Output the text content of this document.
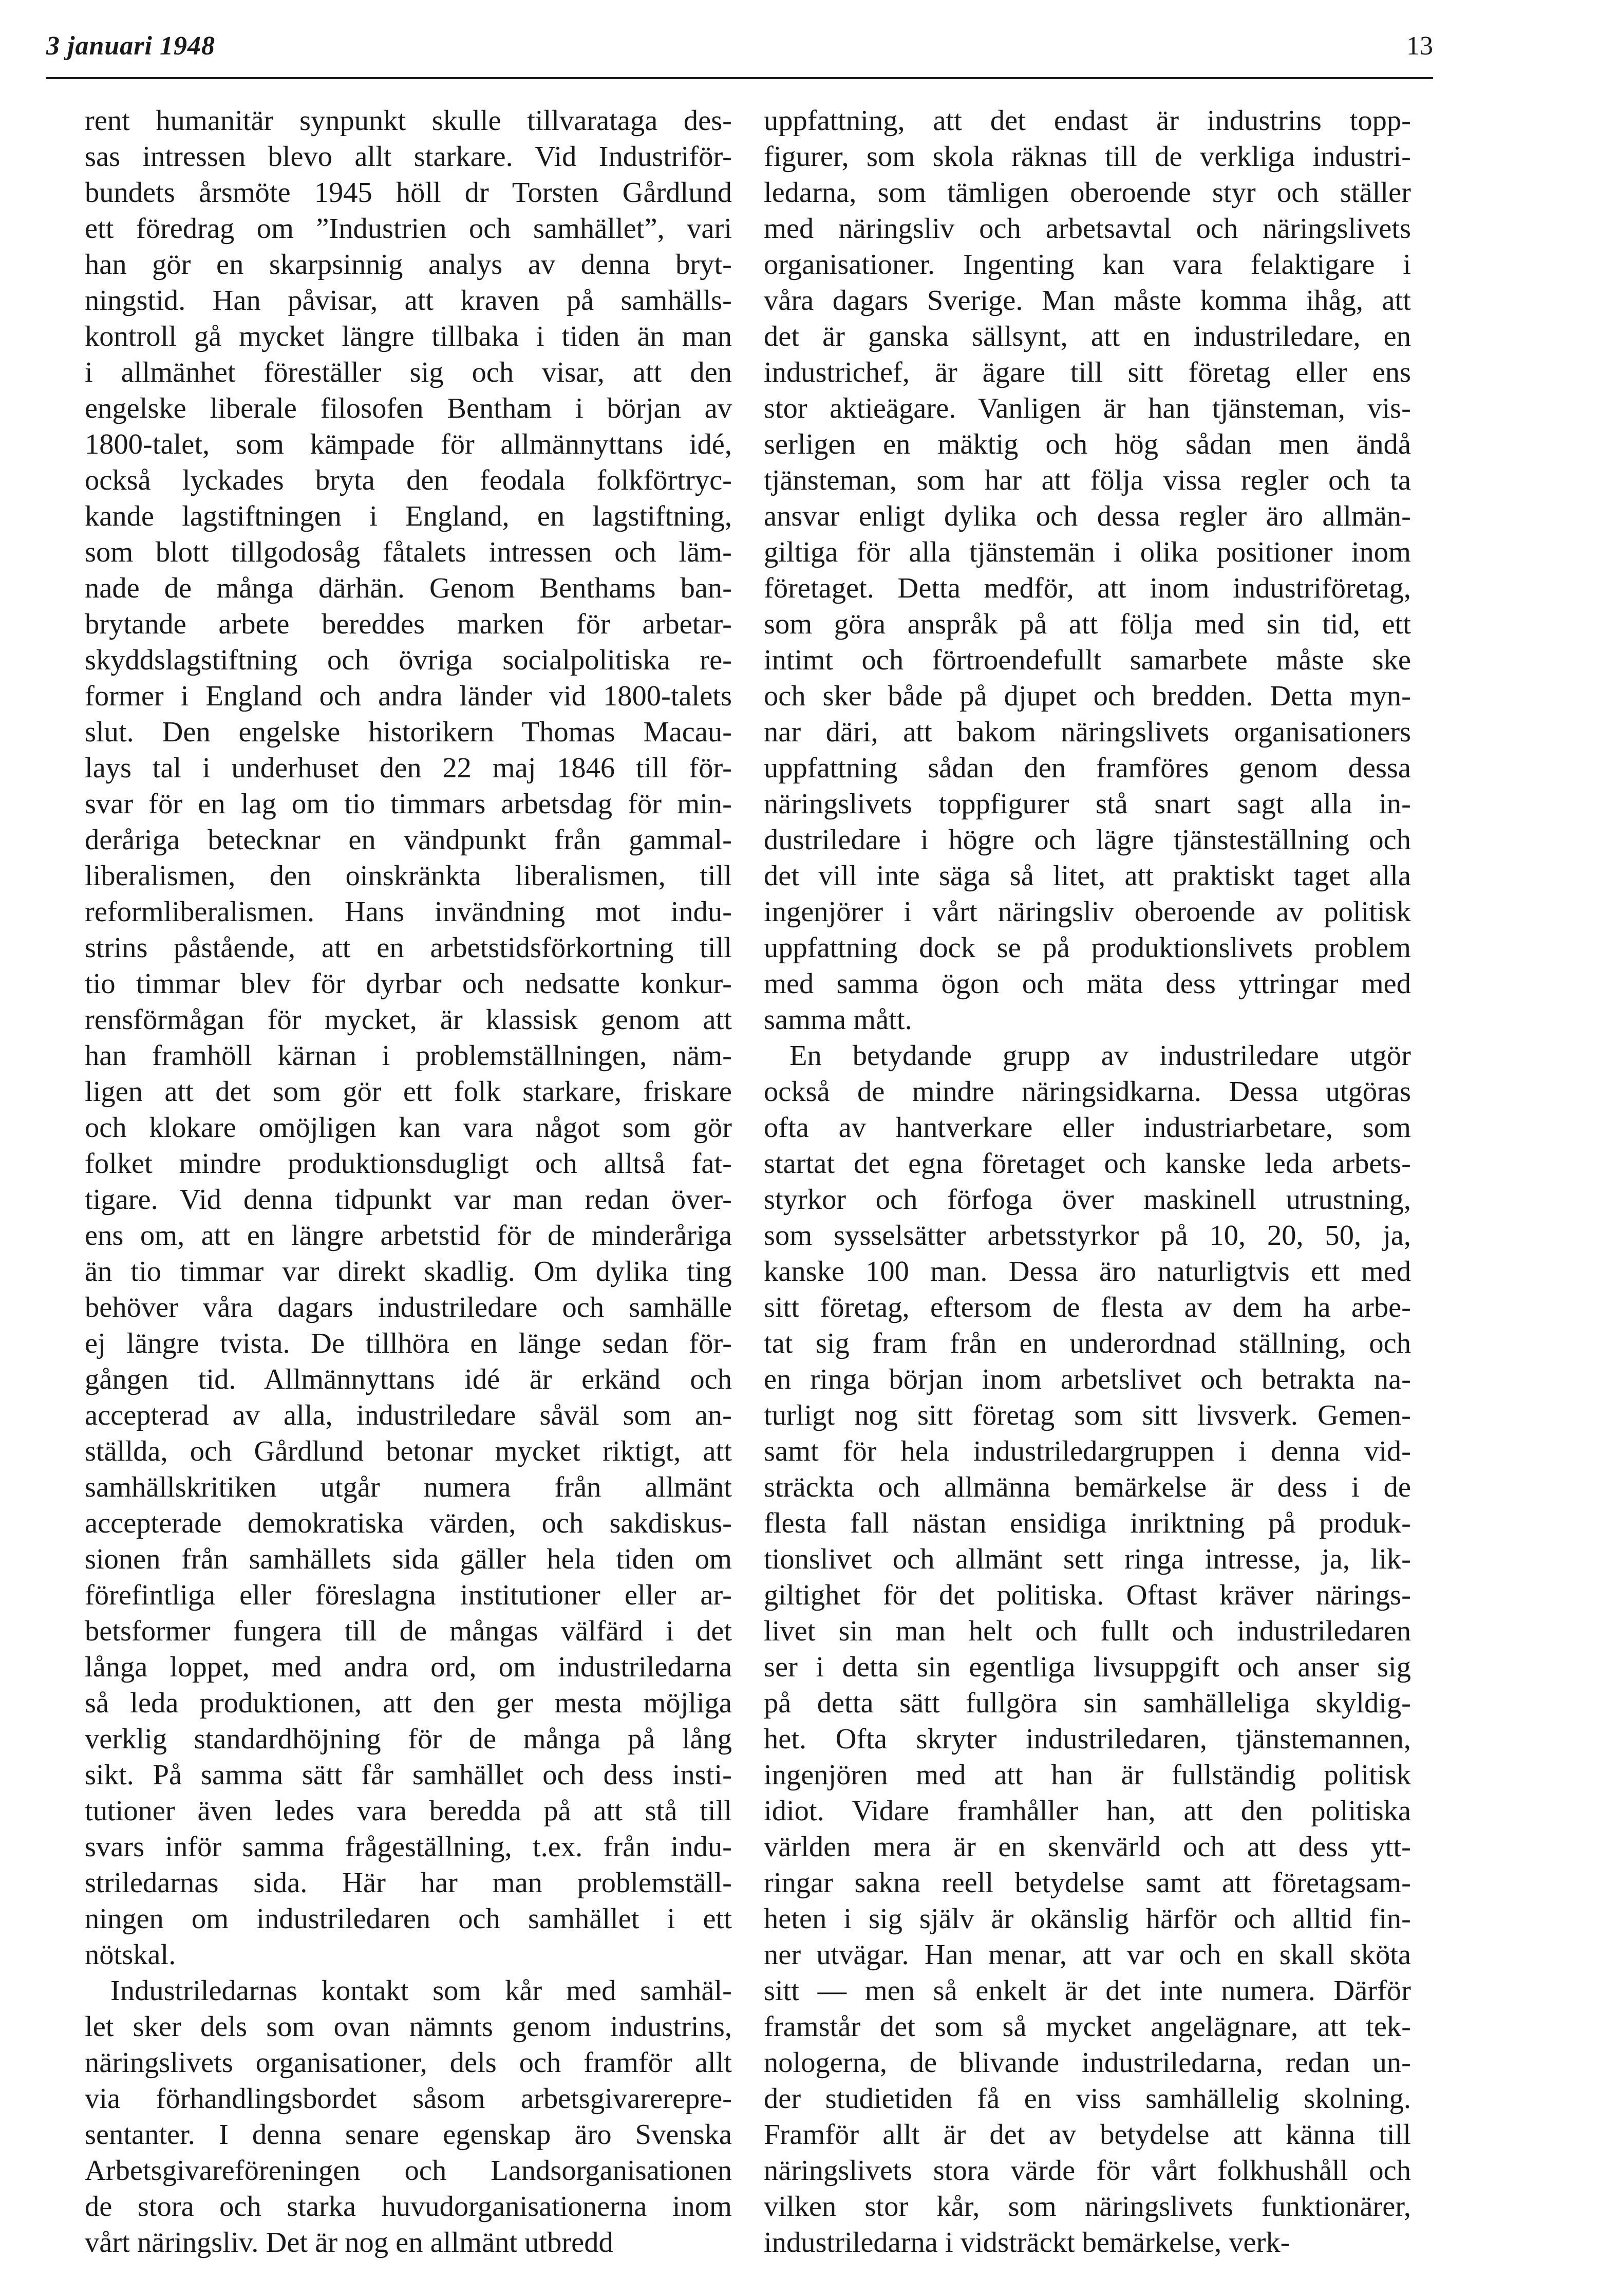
3 januari 1948	13
rent humanitär synpunkt skulle tillvarataga des-
sas intressen blevo allt starkare. Vid Industriför-
bundets årsmöte 1945 höll dr Torsten Gårdlund
ett föredrag om ”Industrien och samhället”, vari
han gör en skarpsinnig analys av denna bryt-
ningstid. Han påvisar, att kraven på samhälls-
kontroll gå mycket längre tillbaka i tiden än man
i allmänhet föreställer sig och visar, att den
engelske liberale filosofen Bentham i början av
1800-talet, som kämpade för allmännyttans idé,
också lyckades bryta den feodala folkförtryc-
kande lagstiftningen i England, en lagstiftning,
som blott tillgodosåg fåtalets intressen och läm-
nade de många därhän. Genom Benthams ban-
brytande arbete bereddes marken för arbetar-
skyddslagstiftning och övriga socialpolitiska re-
former i England och andra länder vid 1800-talets
slut. Den engelske historikern Thomas Macau-
lays tal i underhuset den 22 maj 1846 till för-
svar för en lag om tio timmars arbetsdag för min-
deråriga betecknar en vändpunkt från gammal-
liberalismen, den oinskränkta liberalismen, till
reformliberalismen. Hans invändning mot indu-
strins påstående, att en arbetstidsförkortning till
tio timmar blev för dyrbar och nedsatte konkur-
rensförmågan för mycket, är klassisk genom att
han framhöll kärnan i problemställningen, näm-
ligen att det som gör ett folk starkare, friskare
och klokare omöjligen kan vara något som gör
folket mindre produktionsdugligt och alltså fat-
tigare. Vid denna tidpunkt var man redan över-
ens om, att en längre arbetstid för de minderåriga
än tio timmar var direkt skadlig. Om dylika ting
behöver våra dagars industriledare och samhälle
ej längre tvista. De tillhöra en länge sedan för-
gången tid. Allmännyttans idé är erkänd och
accepterad av alla, industriledare såväl som an-
ställda, och Gårdlund betonar mycket riktigt, att
samhällskritiken utgår numera från allmänt
accepterade demokratiska värden, och sakdiskus-
sionen från samhällets sida gäller hela tiden om
förefintliga eller föreslagna institutioner eller ar-
betsformer fungera till de mångas välfärd i det
långa loppet, med andra ord, om industriledarna
så leda produktionen, att den ger mesta möjliga
verklig standardhöjning för de många på lång
sikt. På samma sätt får samhället och dess insti-
tutioner även ledes vara beredda på att stå till
svars inför samma frågeställning, t.ex. från indu-
striledarnas sida. Här har man problemställ-
ningen om industriledaren och samhället i ett
nötskal.
Industriledarnas kontakt som kår med samhäl-
let sker dels som ovan nämnts genom industrins,
näringslivets organisationer, dels och framför allt
via förhandlingsbordet såsom arbetsgivarerepre-
sentanter. I denna senare egenskap äro Svenska
Arbetsgivareföreningen och Landsorganisationen
de stora och starka huvudorganisationerna inom
vårt näringsliv. Det är nog en allmänt utbredd
uppfattning, att det endast är industrins topp-
figurer, som skola räknas till de verkliga industri-
ledarna, som tämligen oberoende styr och ställer
med näringsliv och arbetsavtal och näringslivets
organisationer. Ingenting kan vara felaktigare i
våra dagars Sverige. Man måste komma ihåg, att
det är ganska sällsynt, att en industriledare, en
industrichef, är ägare till sitt företag eller ens
stor aktieägare. Vanligen är han tjänsteman, vis-
serligen en mäktig och hög sådan men ändå
tjänsteman, som har att följa vissa regler och ta
ansvar enligt dylika och dessa regler äro allmän-
giltiga för alla tjänstemän i olika positioner inom
företaget. Detta medför, att inom industriföretag,
som göra anspråk på att följa med sin tid, ett
intimt och förtroendefullt samarbete måste ske
och sker både på djupet och bredden. Detta myn-
nar däri, att bakom näringslivets organisationers
uppfattning sådan den framföres genom dessa
näringslivets toppfigurer stå snart sagt alla in-
dustriledare i högre och lägre tjänsteställning och
det vill inte säga så litet, att praktiskt taget alla
ingenjörer i vårt näringsliv oberoende av politisk
uppfattning dock se på produktionslivets problem
med samma ögon och mäta dess yttringar med
samma mått.
En betydande grupp av industriledare utgör
också de mindre näringsidkarna. Dessa utgöras
ofta av hantverkare eller industriarbetare, som
startat det egna företaget och kanske leda arbets-
styrkor och förfoga över maskinell utrustning,
som sysselsätter arbetsstyrkor på 10, 20, 50, ja,
kanske 100 man. Dessa äro naturligtvis ett med
sitt företag, eftersom de flesta av dem ha arbe-
tat sig fram från en underordnad ställning, och
en ringa början inom arbetslivet och betrakta na-
turligt nog sitt företag som sitt livsverk. Gemen-
samt för hela industriledargruppen i denna vid-
sträckta och allmänna bemärkelse är dess i de
flesta fall nästan ensidiga inriktning på produk-
tionslivet och allmänt sett ringa intresse, ja, lik-
giltighet för det politiska. Oftast kräver närings-
livet sin man helt och fullt och industriledaren
ser i detta sin egentliga livsuppgift och anser sig
på detta sätt fullgöra sin samhälleliga skyldig-
het. Ofta skryter industriledaren, tjänstemannen,
ingenjören med att han är fullständig politisk
idiot. Vidare framhåller han, att den politiska
världen mera är en skenvärld och att dess ytt-
ringar sakna reell betydelse samt att företagsam-
heten i sig själv är okänslig härför och alltid fin-
ner utvägar. Han menar, att var och en skall sköta
sitt — men så enkelt är det inte numera. Därför
framstår det som så mycket angelägnare, att tek-
nologerna, de blivande industriledarna, redan un-
der studietiden få en viss samhällelig skolning.
Framför allt är det av betydelse att känna till
näringslivets stora värde för vårt folkhushåll och
vilken stor kår, som näringslivets funktionärer,
industriledarna i vidsträckt bemärkelse, verk-
